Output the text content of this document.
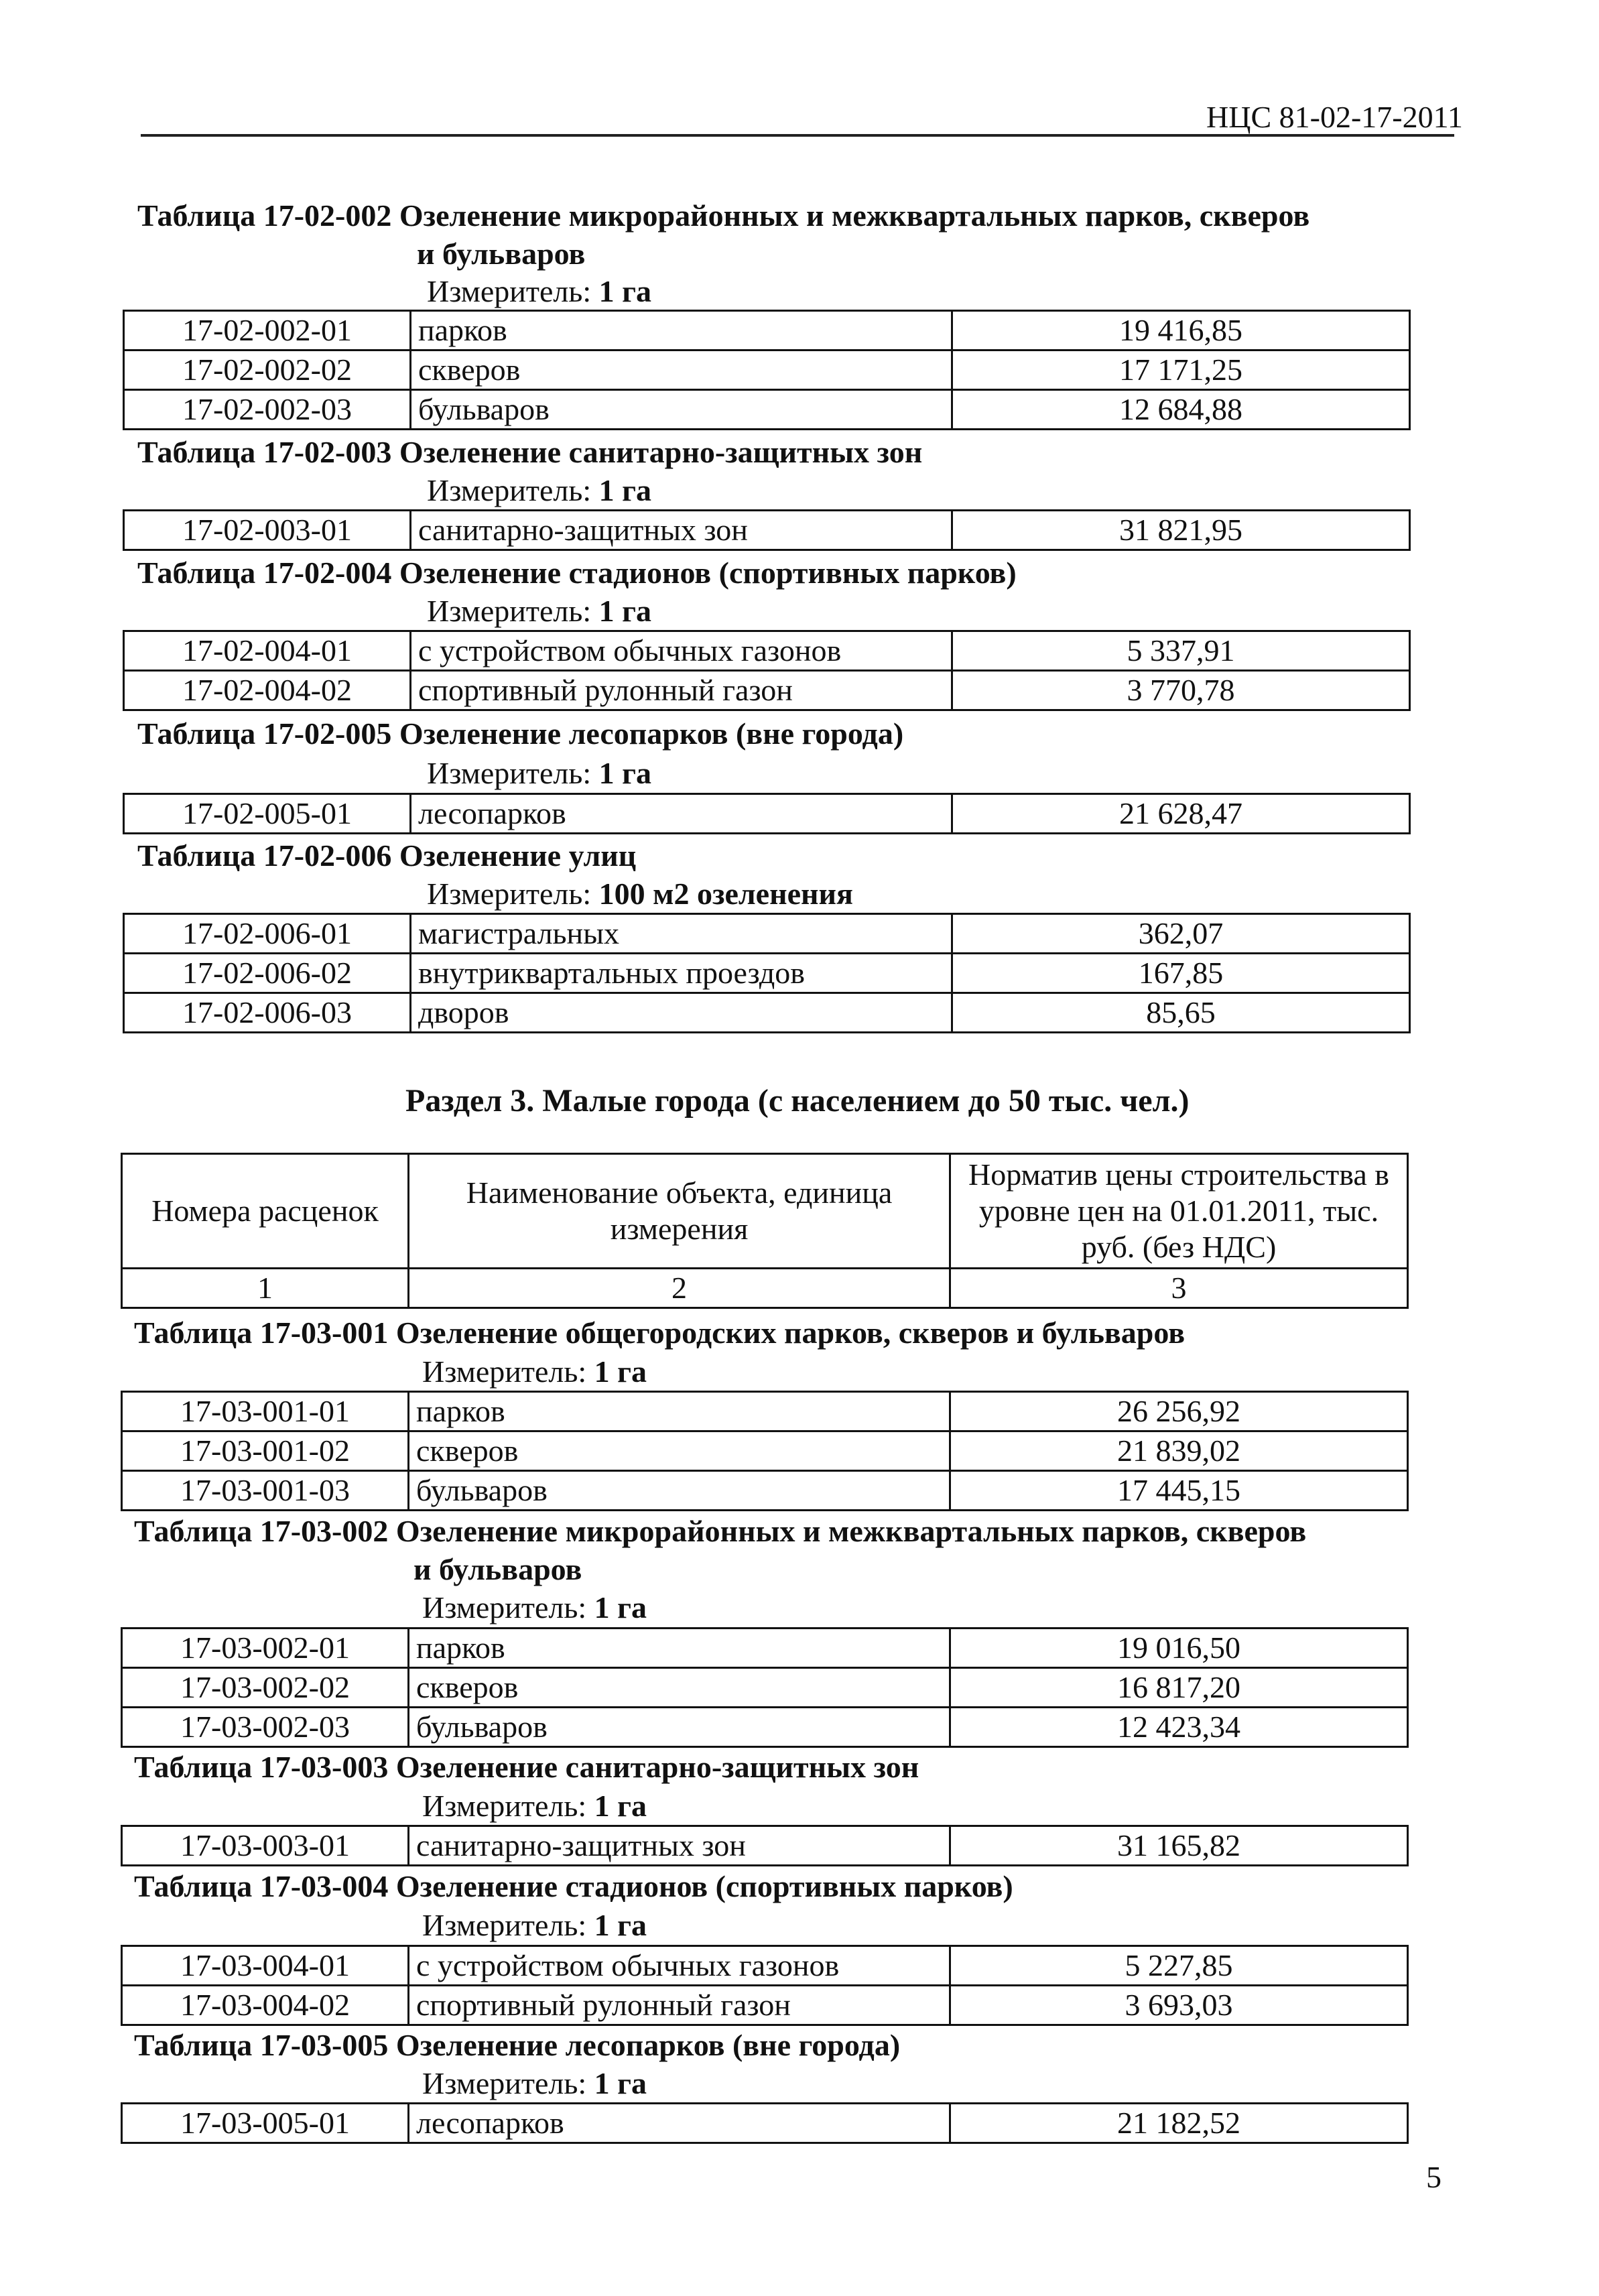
НЦС 81-02-17-2011
Таблица 17-02-002 Озеленение микрорайонных и межквартальных парков, скверов
и бульваров
Измеритель: 1 га
17-02-002-01	парков	19 416,85
17-02-002-02	скверов	17 171,25
17-02-002-03	бульваров	12 684,88
Таблица 17-02-003 Озеленение санитарно-защитных зон
Измеритель: 1 га
17-02-003-01	санитарно-защитных зон	31 821,95
Таблица 17-02-004 Озеленение стадионов (спортивных парков)
Измеритель: 1 га
17-02-004-01	с устройством обычных газонов	5 337,91
17-02-004-02	спортивный рулонный газон	3 770,78
Таблица 17-02-005 Озеленение лесопарков (вне города)
Измеритель: 1 га
17-02-005-01	лесопарков	21 628,47
Таблица 17-02-006 Озеленение улиц
Измеритель: 100 м2 озеленения
17-02-006-01	магистральных	362,07
17-02-006-02	внутриквартальных проездов	167,85
17-02-006-03	дворов	85,65
Раздел 3. Малые города (с населением до 50 тыс. чел.)
Номера расценок	Наименование объекта, единица измерения	Норматив цены строительства в уровне цен на 01.01.2011, тыс. руб. (без НДС)
1	2	3
Таблица 17-03-001 Озеленение общегородских парков, скверов и бульваров
Измеритель: 1 га
17-03-001-01	парков	26 256,92
17-03-001-02	скверов	21 839,02
17-03-001-03	бульваров	17 445,15
Таблица 17-03-002 Озеленение микрорайонных и межквартальных парков, скверов
и бульваров
Измеритель: 1 га
17-03-002-01	парков	19 016,50
17-03-002-02	скверов	16 817,20
17-03-002-03	бульваров	12 423,34
Таблица 17-03-003 Озеленение санитарно-защитных зон
Измеритель: 1 га
17-03-003-01	санитарно-защитных зон	31 165,82
Таблица 17-03-004 Озеленение стадионов (спортивных парков)
Измеритель: 1 га
17-03-004-01	с устройством обычных газонов	5 227,85
17-03-004-02	спортивный рулонный газон	3 693,03
Таблица 17-03-005 Озеленение лесопарков (вне города)
Измеритель: 1 га
17-03-005-01	лесопарков	21 182,52
5
